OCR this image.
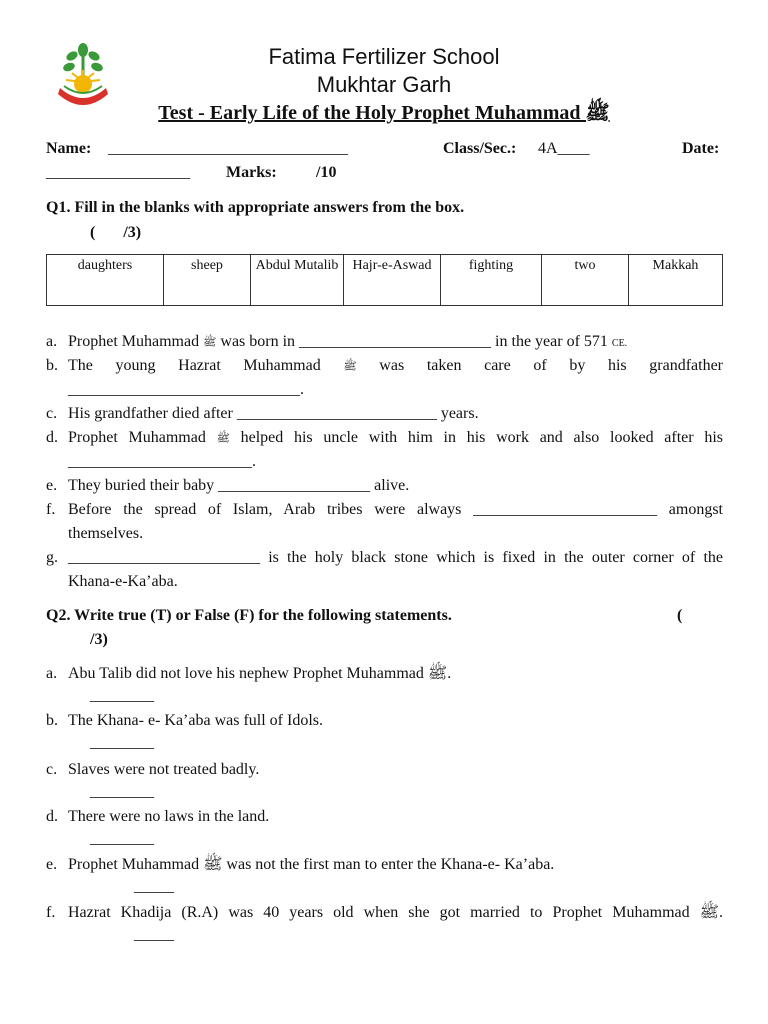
Fatima Fertilizer School
Mukhtar Garh
Test - Early Life of the Holy Prophet Muhammad ﷺ
Name: ______________________________	Class/Sec.: 4A____	Date:
__________________ Marks: /10
Q1. Fill in the blanks with appropriate answers from the box.
(       /3)
daughters	sheep	Abdul Mutalib	Hajr-e-Aswad	fighting	two	Makkah
a. Prophet Muhammad ﷺ was born in ________________________ in the year of 571 CE.
b. The young Hazrat Muhammad ﷺ was taken care of by his grandfather
_____________________________.
c. His grandfather died after _________________________ years.
d. Prophet Muhammad ﷺ helped his uncle with him in his work and also looked after his
_______________________.
e. They buried their baby ___________________ alive.
f. Before the spread of Islam, Arab tribes were always _______________________ amongst
themselves.
g. ________________________ is the holy black stone which is fixed in the outer corner of the
Khana-e-Ka’aba.
Q2. Write true (T) or False (F) for the following statements.	(
/3)
a. Abu Talib did not love his nephew Prophet Muhammad ﷺ.
________
b. The Khana- e- Ka’aba was full of Idols.
________
c. Slaves were not treated badly.
________
d. There were no laws in the land.
________
e. Prophet Muhammad ﷺ was not the first man to enter the Khana-e- Ka’aba.
_____
f. Hazrat Khadija (R.A) was 40 years old when she got married to Prophet Muhammad ﷺ.
_____
